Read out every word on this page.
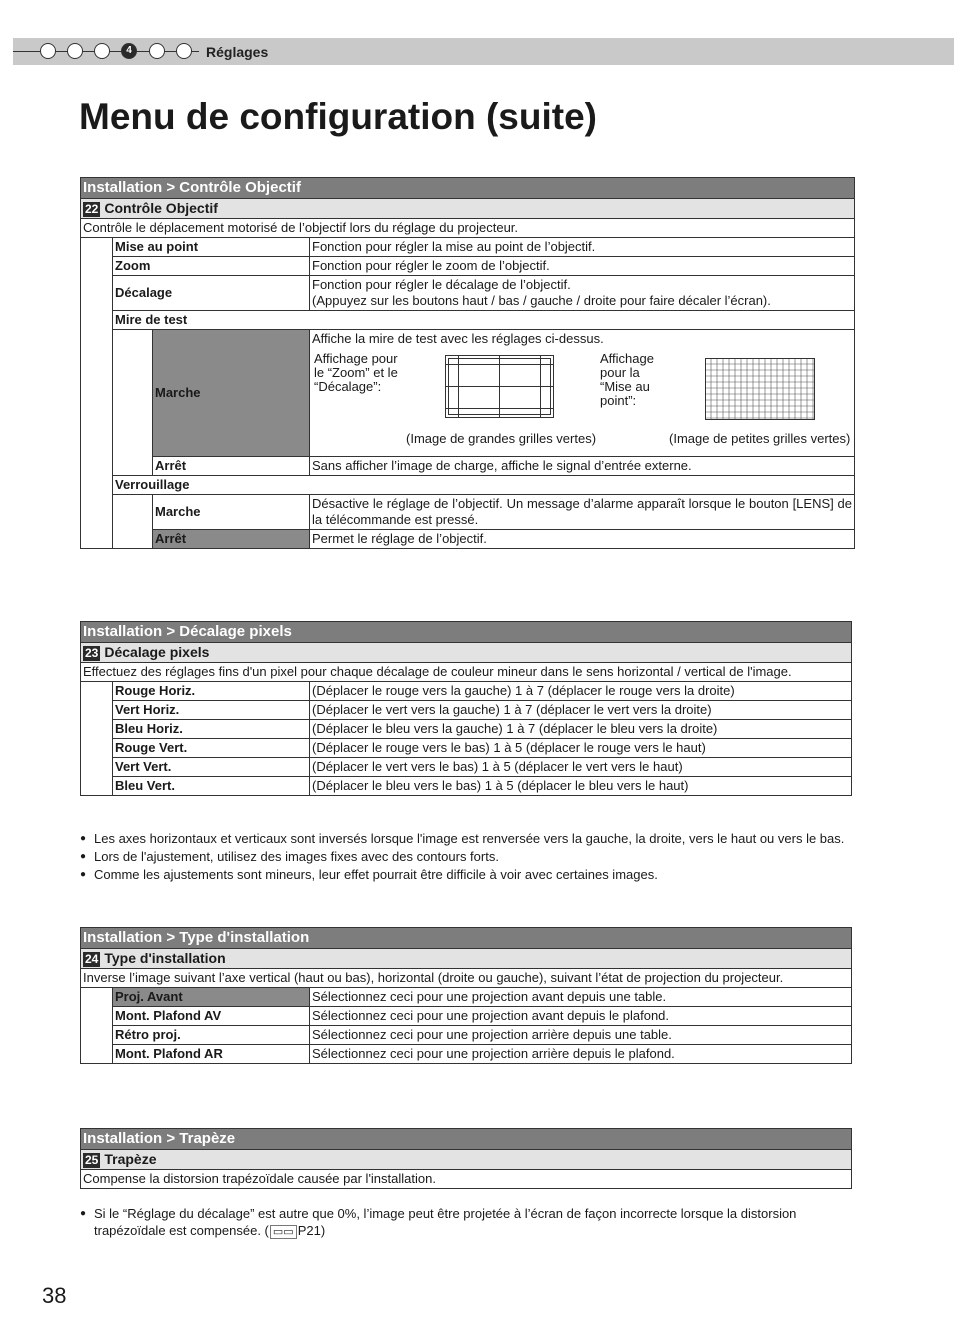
4	Réglages
Menu de configuration (suite)
Installation > Contrôle Objectif			
22 Contrôle Objectif			
Contrôle le déplacement motorisé de l’objectif lors du réglage du projecteur.			
	Mise au point		Fonction pour régler la mise au point de l’objectif.
	Zoom		Fonction pour régler le zoom de l’objectif.
	Décalage		Fonction pour régler le décalage de l’objectif.
(Appuyez sur les boutons haut / bas / gauche / droite pour faire décaler l’écran).

	Mire de test		
		Marche	Affiche la mire de test avec les réglages ci-dessus.
Affichage pour le “Zoom” et le “Décalage”:
Affichage pour la “Mise au point”:
(Image de grandes grilles vertes) (Image de petites grilles vertes)

		Arrêt	Sans afficher l’image de charge, affiche le signal d’entrée externe.
	Verrouillage		
		Marche	Désactive le réglage de l’objectif. Un message d’alarme apparaît lorsque le bouton [LENS] de la télécommande est pressé.
		Arrêt	Permet le réglage de l’objectif.
Installation > Décalage pixels		
23 Décalage pixels		
Effectuez des réglages fins d'un pixel pour chaque décalage de couleur mineur dans le sens horizontal / vertical de l'image.		
	Rouge Horiz.	(Déplacer le rouge vers la gauche) 1 à 7 (déplacer le rouge vers la droite)
	Vert Horiz.	(Déplacer le vert vers la gauche) 1 à 7 (déplacer le vert vers la droite)
	Bleu Horiz.	(Déplacer le bleu vers la gauche) 1 à 7 (déplacer le bleu vers la droite)
	Rouge Vert.	(Déplacer le rouge vers le bas) 1 à 5 (déplacer le rouge vers le haut)
	Vert Vert.	(Déplacer le vert vers le bas) 1 à 5 (déplacer le vert vers le haut)
	Bleu Vert.	(Déplacer le bleu vers le bas) 1 à 5 (déplacer le bleu vers le haut)
● Les axes horizontaux et verticaux sont inversés lorsque l'image est renversée vers la gauche, la droite, vers le haut ou vers le bas.
● Lors de l'ajustement, utilisez des images fixes avec des contours forts.
● Comme les ajustements sont mineurs, leur effet pourrait être difficile à voir avec certaines images.
Installation > Type d'installation		
24 Type d'installation		
Inverse l’image suivant l’axe vertical (haut ou bas), horizontal (droite ou gauche), suivant l’état de projection du projecteur.		
	Proj. Avant	Sélectionnez ceci pour une projection avant depuis une table.
	Mont. Plafond AV	Sélectionnez ceci pour une projection avant depuis le plafond.
	Rétro proj.	Sélectionnez ceci pour une projection arrière depuis une table.
	Mont. Plafond AR	Sélectionnez ceci pour une projection arrière depuis le plafond.
Installation > Trapèze
25 Trapèze
Compense la distorsion trapézoïdale causée par l'installation.
● Si le “Réglage du décalage” est autre que 0%, l’image peut être projetée à l’écran de façon incorrecte lorsque la distorsion trapézoïdale est compensée. ( ▭▭ P21)
38
